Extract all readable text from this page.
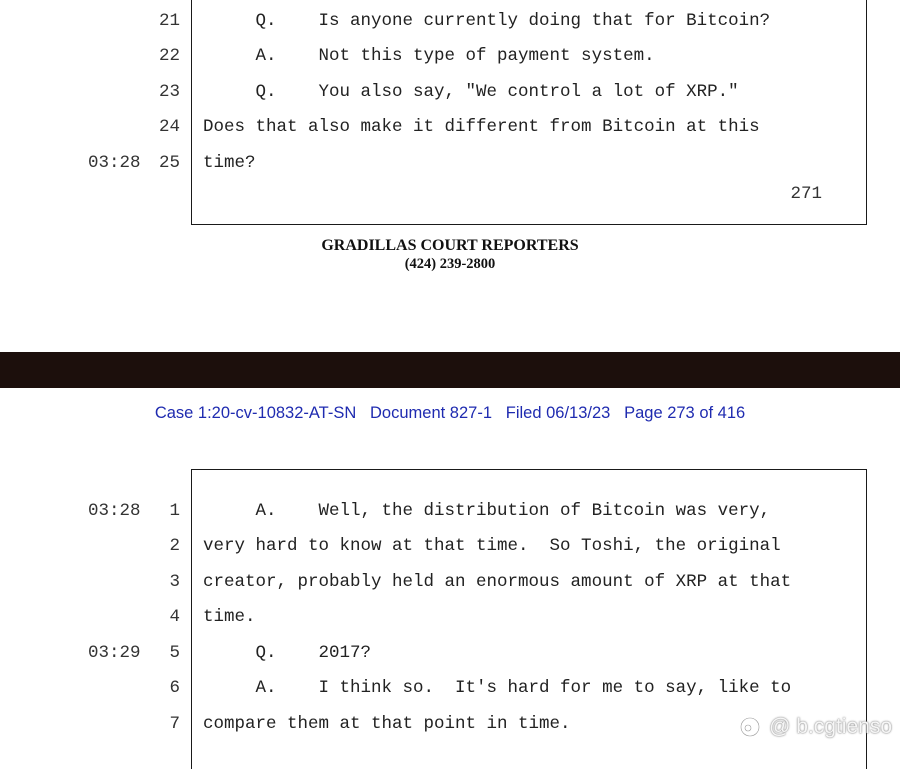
271
21 Q.    Is anyone currently doing that for Bitcoin?
22 A.    Not this type of payment system.
23 Q.    You also say, "We control a lot of XRP."
24 Does that also make it different from Bitcoin at this
03:28	25 time?
GRADILLAS COURT REPORTERS
(424) 239-2800
Case 1:20-cv-10832-AT-SN   Document 827-1   Filed 06/13/23   Page 273 of 416
03:28	1 A.    Well, the distribution of Bitcoin was very,
2 very hard to know at that time.  So Toshi, the original
3 creator, probably held an enormous amount of XRP at that
4 time.
03:29	5 Q.    2017?
6 A.    I think so.  It's hard for me to say, like to
7 compare them at that point in time.	@ b.cgtienso
